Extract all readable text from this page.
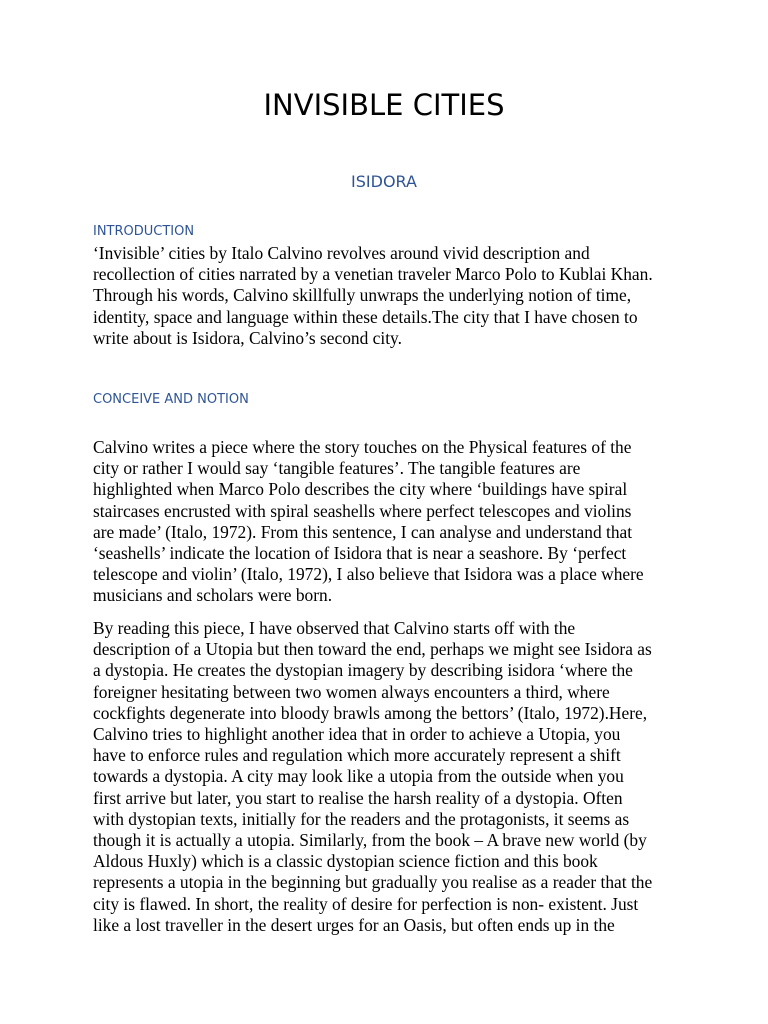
INVISIBLE CITIES
ISIDORA
INTRODUCTION

‘Invisible’ cities by Italo Calvino revolves around vivid description and
recollection of cities narrated by a venetian traveler Marco Polo to Kublai Khan.
Through his words, Calvino skillfully unwraps the underlying notion of time,
identity, space and language within these details.The city that I have chosen to
write about is Isidora, Calvino’s second city.

CONCEIVE AND NOTION

Calvino writes a piece where the story touches on the Physical features of the
city or rather I would say ‘tangible features’. The tangible features are
highlighted when Marco Polo describes the city where ‘buildings have spiral
staircases encrusted with spiral seashells where perfect telescopes and violins
are made’ (Italo, 1972). From this sentence, I can analyse and understand that
‘seashells’ indicate the location of Isidora that is near a seashore. By ‘perfect
telescope and violin’ (Italo, 1972), I also believe that Isidora was a place where
musicians and scholars were born.

By reading this piece, I have observed that Calvino starts off with the
description of a Utopia but then toward the end, perhaps we might see Isidora as
a dystopia. He creates the dystopian imagery by describing isidora ‘where the
foreigner hesitating between two women always encounters a third, where
cockfights degenerate into bloody brawls among the bettors’ (Italo, 1972).Here,
Calvino tries to highlight another idea that in order to achieve a Utopia, you
have to enforce rules and regulation which more accurately represent a shift
towards a dystopia. A city may look like a utopia from the outside when you
first arrive but later, you start to realise the harsh reality of a dystopia. Often
with dystopian texts, initially for the readers and the protagonists, it seems as
though it is actually a utopia. Similarly, from the book – A brave new world (by
Aldous Huxly) which is a classic dystopian science fiction and this book
represents a utopia in the beginning but gradually you realise as a reader that the
city is flawed. In short, the reality of desire for perfection is non- existent. Just
like a lost traveller in the desert urges for an Oasis, but often ends up in the
